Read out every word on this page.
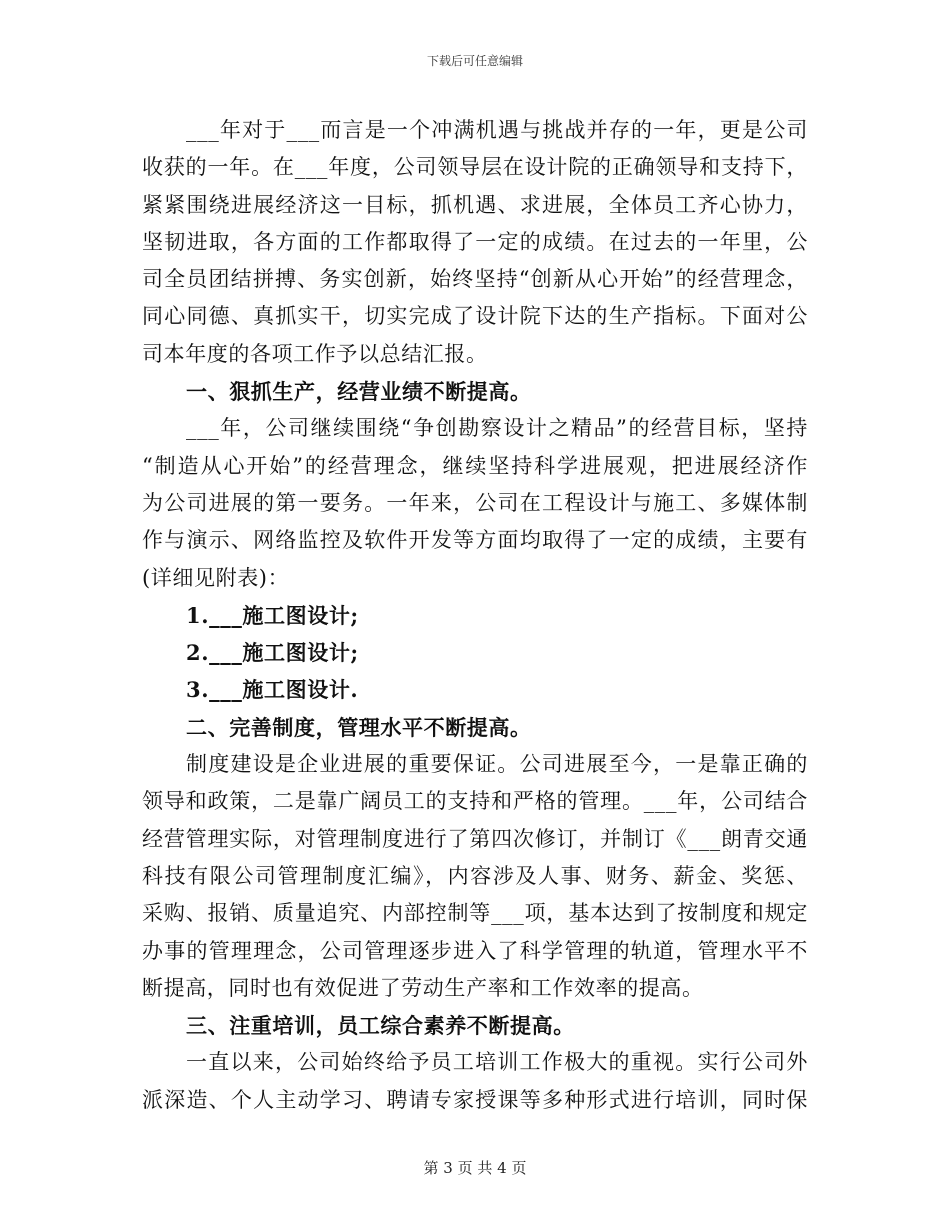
下载后可任意编辑
___年对于___而言是一个冲满机遇与挑战并存的一年，更是公司
收获的一年。在___年度，公司领导层在设计院的正确领导和支持下，
紧紧围绕进展经济这一目标，抓机遇、求进展，全体员工齐心协力，
坚韧进取，各方面的工作都取得了一定的成绩。在过去的一年里，公
司全员团结拼搏、务实创新，始终坚持“创新从心开始”的经营理念，
同心同德、真抓实干，切实完成了设计院下达的生产指标。下面对公
司本年度的各项工作予以总结汇报。
一、狠抓生产，经营业绩不断提高。
___年，公司继续围绕“争创勘察设计之精品”的经营目标，坚持
“制造从心开始”的经营理念，继续坚持科学进展观，把进展经济作
为公司进展的第一要务。一年来，公司在工程设计与施工、多媒体制
作与演示、网络监控及软件开发等方面均取得了一定的成绩，主要有
(详细见附表)：
1.___施工图设计;
2.___施工图设计;
3.___施工图设计.
二、完善制度，管理水平不断提高。
制度建设是企业进展的重要保证。公司进展至今，一是靠正确的
领导和政策，二是靠广阔员工的支持和严格的管理。___年，公司结合
经营管理实际，对管理制度进行了第四次修订，并制订《___朗青交通
科技有限公司管理制度汇编》，内容涉及人事、财务、薪金、奖惩、
采购、报销、质量追究、内部控制等___项，基本达到了按制度和规定
办事的管理理念，公司管理逐步进入了科学管理的轨道，管理水平不
断提高，同时也有效促进了劳动生产率和工作效率的提高。
三、注重培训，员工综合素养不断提高。
一直以来，公司始终给予员工培训工作极大的重视。实行公司外
派深造、个人主动学习、聘请专家授课等多种形式进行培训，同时保
第 3 页 共 4 页
